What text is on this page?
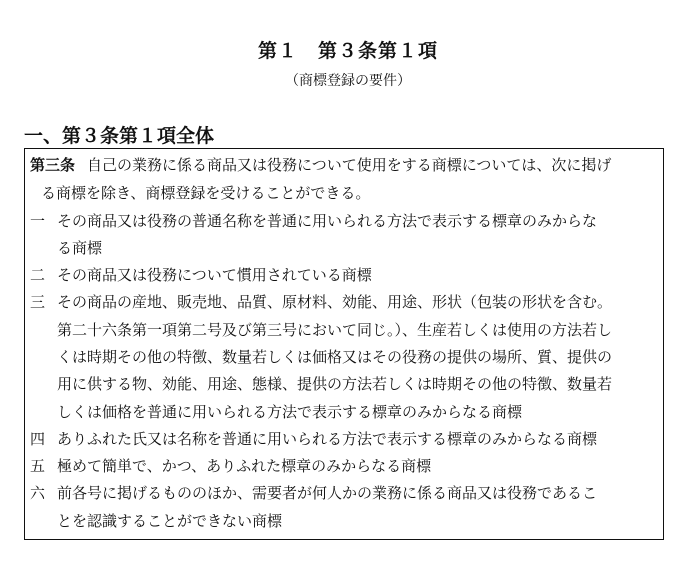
第１　第３条第１項
（商標登録の要件）
一、第３条第１項全体
第三条 自己の業務に係る商品又は役務について使用をする商標については、次に掲げ
る商標を除き、商標登録を受けることができる。
一 その商品又は役務の普通名称を普通に用いられる方法で表示する標章のみからな
る商標
二 その商品又は役務について慣用されている商標
三 その商品の産地、販売地、品質、原材料、効能、用途、形状（包装の形状を含む。
第二十六条第一項第二号及び第三号において同じ。）、生産若しくは使用の方法若し
くは時期その他の特徴、数量若しくは価格又はその役務の提供の場所、質、提供の
用に供する物、効能、用途、態様、提供の方法若しくは時期その他の特徴、数量若
しくは価格を普通に用いられる方法で表示する標章のみからなる商標
四 ありふれた氏又は名称を普通に用いられる方法で表示する標章のみからなる商標
五 極めて簡単で、かつ、ありふれた標章のみからなる商標
六 前各号に掲げるもののほか、需要者が何人かの業務に係る商品又は役務であるこ
とを認識することができない商標
